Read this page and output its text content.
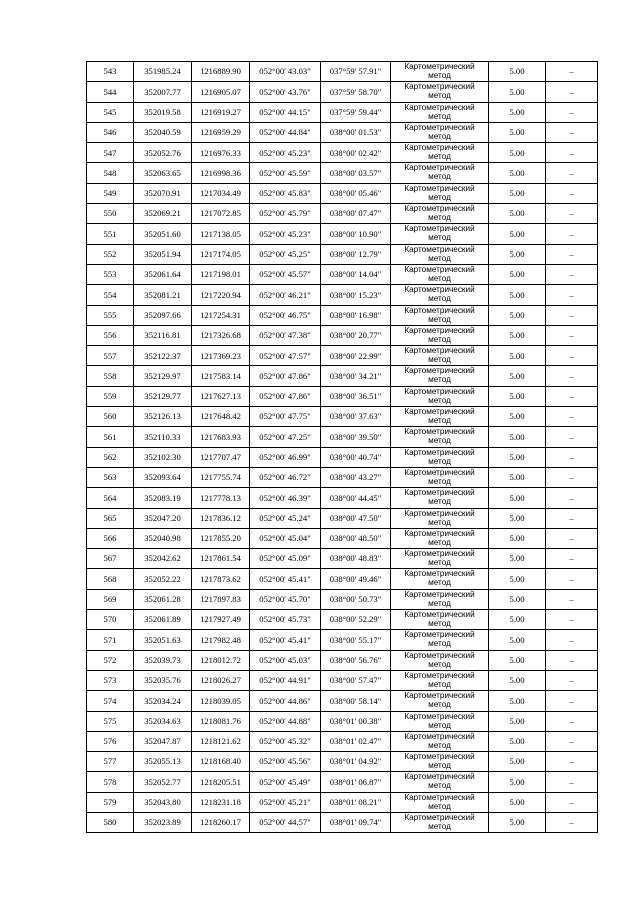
543	351985.24	1216889.90	052°00' 43.03"	037°59' 57.91"	Картометрический
метод	5.00	–
544	352007.77	1216905.07	052°00' 43.76"	037°59' 58.70"	Картометрический
метод	5.00	–
545	352019.58	1216919.27	052°00' 44.15"	037°59' 59.44"	Картометрический
метод	5.00	–
546	352040.59	1216959.29	052°00' 44.84"	038°00' 01.53"	Картометрический
метод	5.00	–
547	352052.76	1216976.33	052°00' 45.23"	038°00' 02.42"	Картометрический
метод	5.00	–
548	352063.65	1216998.36	052°00' 45.59"	038°00' 03.57"	Картометрический
метод	5.00	–
549	352070.91	1217034.49	052°00' 45.83"	038°00' 05.46"	Картометрический
метод	5.00	–
550	352069.21	1217072.85	052°00' 45.79"	038°00' 07.47"	Картометрический
метод	5.00	–
551	352051.60	1217138.05	052°00' 45.23"	038°00' 10.90"	Картометрический
метод	5.00	–
552	352051.94	1217174.05	052°00' 45.25"	038°00' 12.79"	Картометрический
метод	5.00	–
553	352061.64	1217198.01	052°00' 45.57"	038°00' 14.04"	Картометрический
метод	5.00	–
554	352081.21	1217220.94	052°00' 46.21"	038°00' 15.23"	Картометрический
метод	5.00	–
555	352097.66	1217254.31	052°00' 46.75"	038°00' 16.98"	Картометрический
метод	5.00	–
556	352116.81	1217326.68	052°00' 47.38"	038°00' 20.77"	Картометрический
метод	5.00	–
557	352122.37	1217369.23	052°00' 47.57"	038°00' 22.99"	Картометрический
метод	5.00	–
558	352129.97	1217583.14	052°00' 47.86"	038°00' 34.21"	Картометрический
метод	5.00	–
559	352129.77	1217627.13	052°00' 47.86"	038°00' 36.51"	Картометрический
метод	5.00	–
560	352126.13	1217648.42	052°00' 47.75"	038°00' 37.63"	Картометрический
метод	5.00	–
561	352110.33	1217683.93	052°00' 47.25"	038°00' 39.50"	Картометрический
метод	5.00	–
562	352102.30	1217707.47	052°00' 46.99"	038°00' 40.74"	Картометрический
метод	5.00	–
563	352093.64	1217755.74	052°00' 46.72"	038°00' 43.27"	Картометрический
метод	5.00	–
564	352083.19	1217778.13	052°00' 46.39"	038°00' 44.45"	Картометрический
метод	5.00	–
565	352047.20	1217836.12	052°00' 45.24"	038°00' 47.50"	Картометрический
метод	5.00	–
566	352040.98	1217855.20	052°00' 45.04"	038°00' 48.50"	Картометрический
метод	5.00	–
567	352042.62	1217861.54	052°00' 45.09"	038°00' 48.83"	Картометрический
метод	5.00	–
568	352052.22	1217873.62	052°00' 45.41"	038°00' 49.46"	Картометрический
метод	5.00	–
569	352061.28	1217897.83	052°00' 45.70"	038°00' 50.73"	Картометрический
метод	5.00	–
570	352061.89	1217927.49	052°00' 45.73"	038°00' 52.29"	Картометрический
метод	5.00	–
571	352051.63	1217982.48	052°00' 45.41"	038°00' 55.17"	Картометрический
метод	5.00	–
572	352039.73	1218012.72	052°00' 45.03"	038°00' 56.76"	Картометрический
метод	5.00	–
573	352035.76	1218026.27	052°00' 44.91"	038°00' 57.47"	Картометрический
метод	5.00	–
574	352034.24	1218039.05	052°00' 44.86"	038°00' 58.14"	Картометрический
метод	5.00	–
575	352034.63	1218081.76	052°00' 44.88"	038°01' 00.38"	Картометрический
метод	5.00	–
576	352047.87	1218121.62	052°00' 45.32"	038°01' 02.47"	Картометрический
метод	5.00	–
577	352055.13	1218168.40	052°00' 45.56"	038°01' 04.92"	Картометрический
метод	5.00	–
578	352052.77	1218205.51	052°00' 45.49"	038°01' 06.87"	Картометрический
метод	5.00	–
579	352043.80	1218231.18	052°00' 45.21"	038°01' 08.21"	Картометрический
метод	5.00	–
580	352023.89	1218260.17	052°00' 44.57"	038°01' 09.74"	Картометрический
метод	5.00	–
